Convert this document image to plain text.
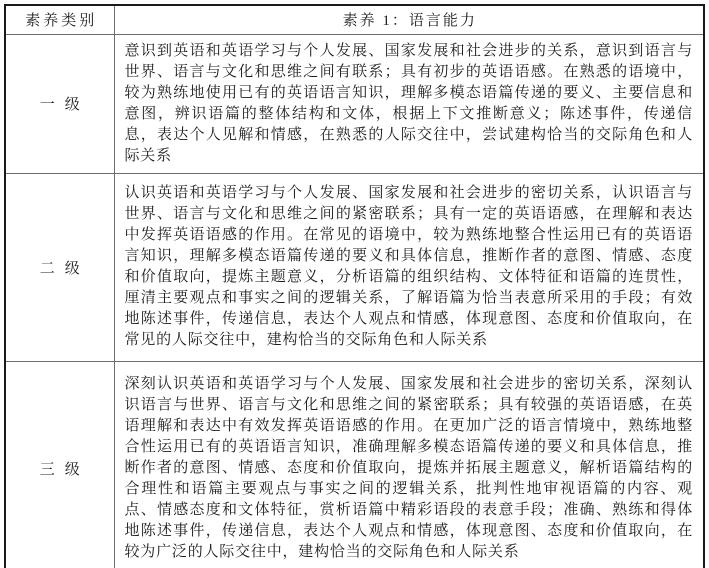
素养类别	素养 1：语言能力
一级	意识到英语和英语学习与个人发展、国家发展和社会进步的关系，意识到语言与世界、语言与文化和思维之间有联系；具有初步的英语语感。在熟悉的语境中，较为熟练地使用已有的英语语言知识，理解多模态语篇传递的要义、主要信息和意图，辨识语篇的整体结构和文体，根据上下文推断意义；陈述事件，传递信息，表达个人见解和情感，在熟悉的人际交往中，尝试建构恰当的交际角色和人际关系
二级	认识英语和英语学习与个人发展、国家发展和社会进步的密切关系，认识语言与世界、语言与文化和思维之间的紧密联系；具有一定的英语语感，在理解和表达中发挥英语语感的作用。在常见的语境中，较为熟练地整合性运用已有的英语语言知识，理解多模态语篇传递的要义和具体信息，推断作者的意图、情感、态度和价值取向，提炼主题意义，分析语篇的组织结构、文体特征和语篇的连贯性，厘清主要观点和事实之间的逻辑关系，了解语篇为恰当表意所采用的手段；有效地陈述事件，传递信息，表达个人观点和情感，体现意图、态度和价值取向，在常见的人际交往中，建构恰当的交际角色和人际关系
三级	深刻认识英语和英语学习与个人发展、国家发展和社会进步的密切关系，深刻认识语言与世界、语言与文化和思维之间的紧密联系；具有较强的英语语感，在英语理解和表达中有效发挥英语语感的作用。在更加广泛的语言情境中，熟练地整合性运用已有的英语语言知识，准确理解多模态语篇传递的要义和具体信息，推断作者的意图、情感、态度和价值取向，提炼并拓展主题意义，解析语篇结构的合理性和语篇主要观点与事实之间的逻辑关系，批判性地审视语篇的内容、观点、情感态度和文体特征，赏析语篇中精彩语段的表意手段；准确、熟练和得体地陈述事件，传递信息，表达个人观点和情感，体现意图、态度和价值取向，在较为广泛的人际交往中，建构恰当的交际角色和人际关系
